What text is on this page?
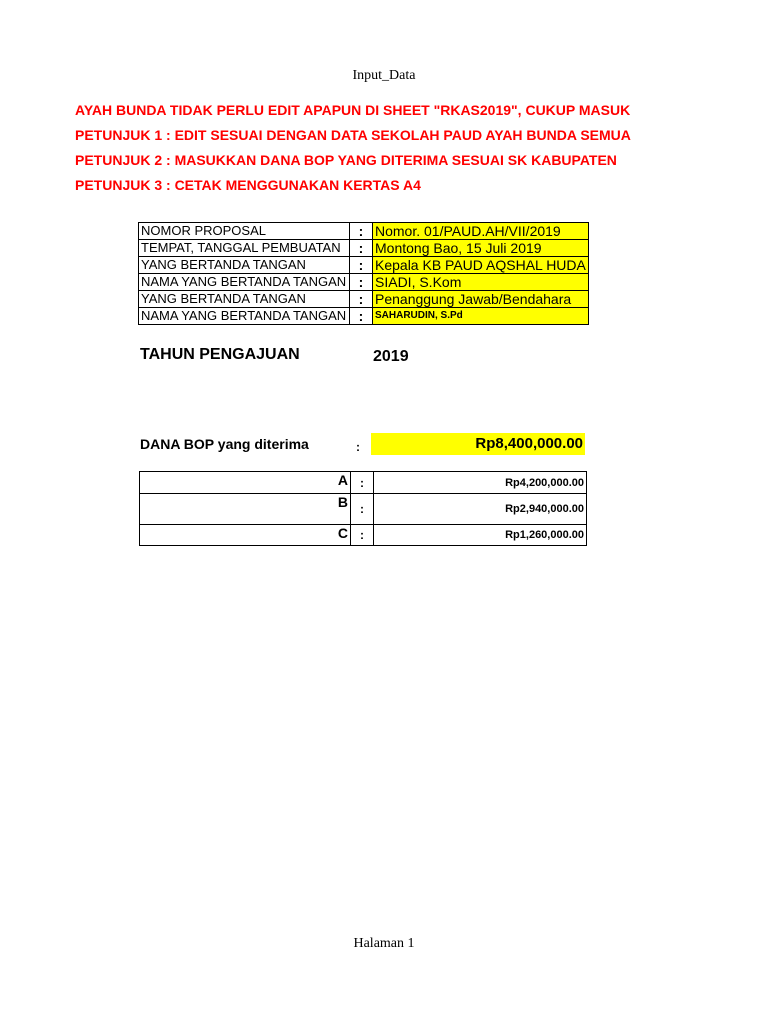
Input_Data
AYAH BUNDA TIDAK PERLU EDIT APAPUN DI SHEET "RKAS2019", CUKUP MASUK
PETUNJUK 1 : EDIT SESUAI DENGAN DATA SEKOLAH PAUD AYAH BUNDA SEMUA
PETUNJUK 2 : MASUKKAN DANA BOP YANG DITERIMA SESUAI SK KABUPATEN
PETUNJUK 3 : CETAK MENGGUNAKAN KERTAS A4
NOMOR PROPOSAL	:	Nomor. 01/PAUD.AH/VII/2019
TEMPAT, TANGGAL PEMBUATAN	:	Montong Bao, 15 Juli 2019
YANG BERTANDA TANGAN	:	Kepala KB PAUD AQSHAL HUDA
NAMA YANG BERTANDA TANGAN	:	SIADI, S.Kom
YANG BERTANDA TANGAN	:	Penanggung Jawab/Bendahara
NAMA YANG BERTANDA TANGAN	:	SAHARUDIN, S.Pd
TAHUN PENGAJUAN	2019
DANA BOP yang diterima	:	Rp8,400,000.00
A	:	Rp4,200,000.00
B	:	Rp2,940,000.00
C	:	Rp1,260,000.00
Halaman 1
